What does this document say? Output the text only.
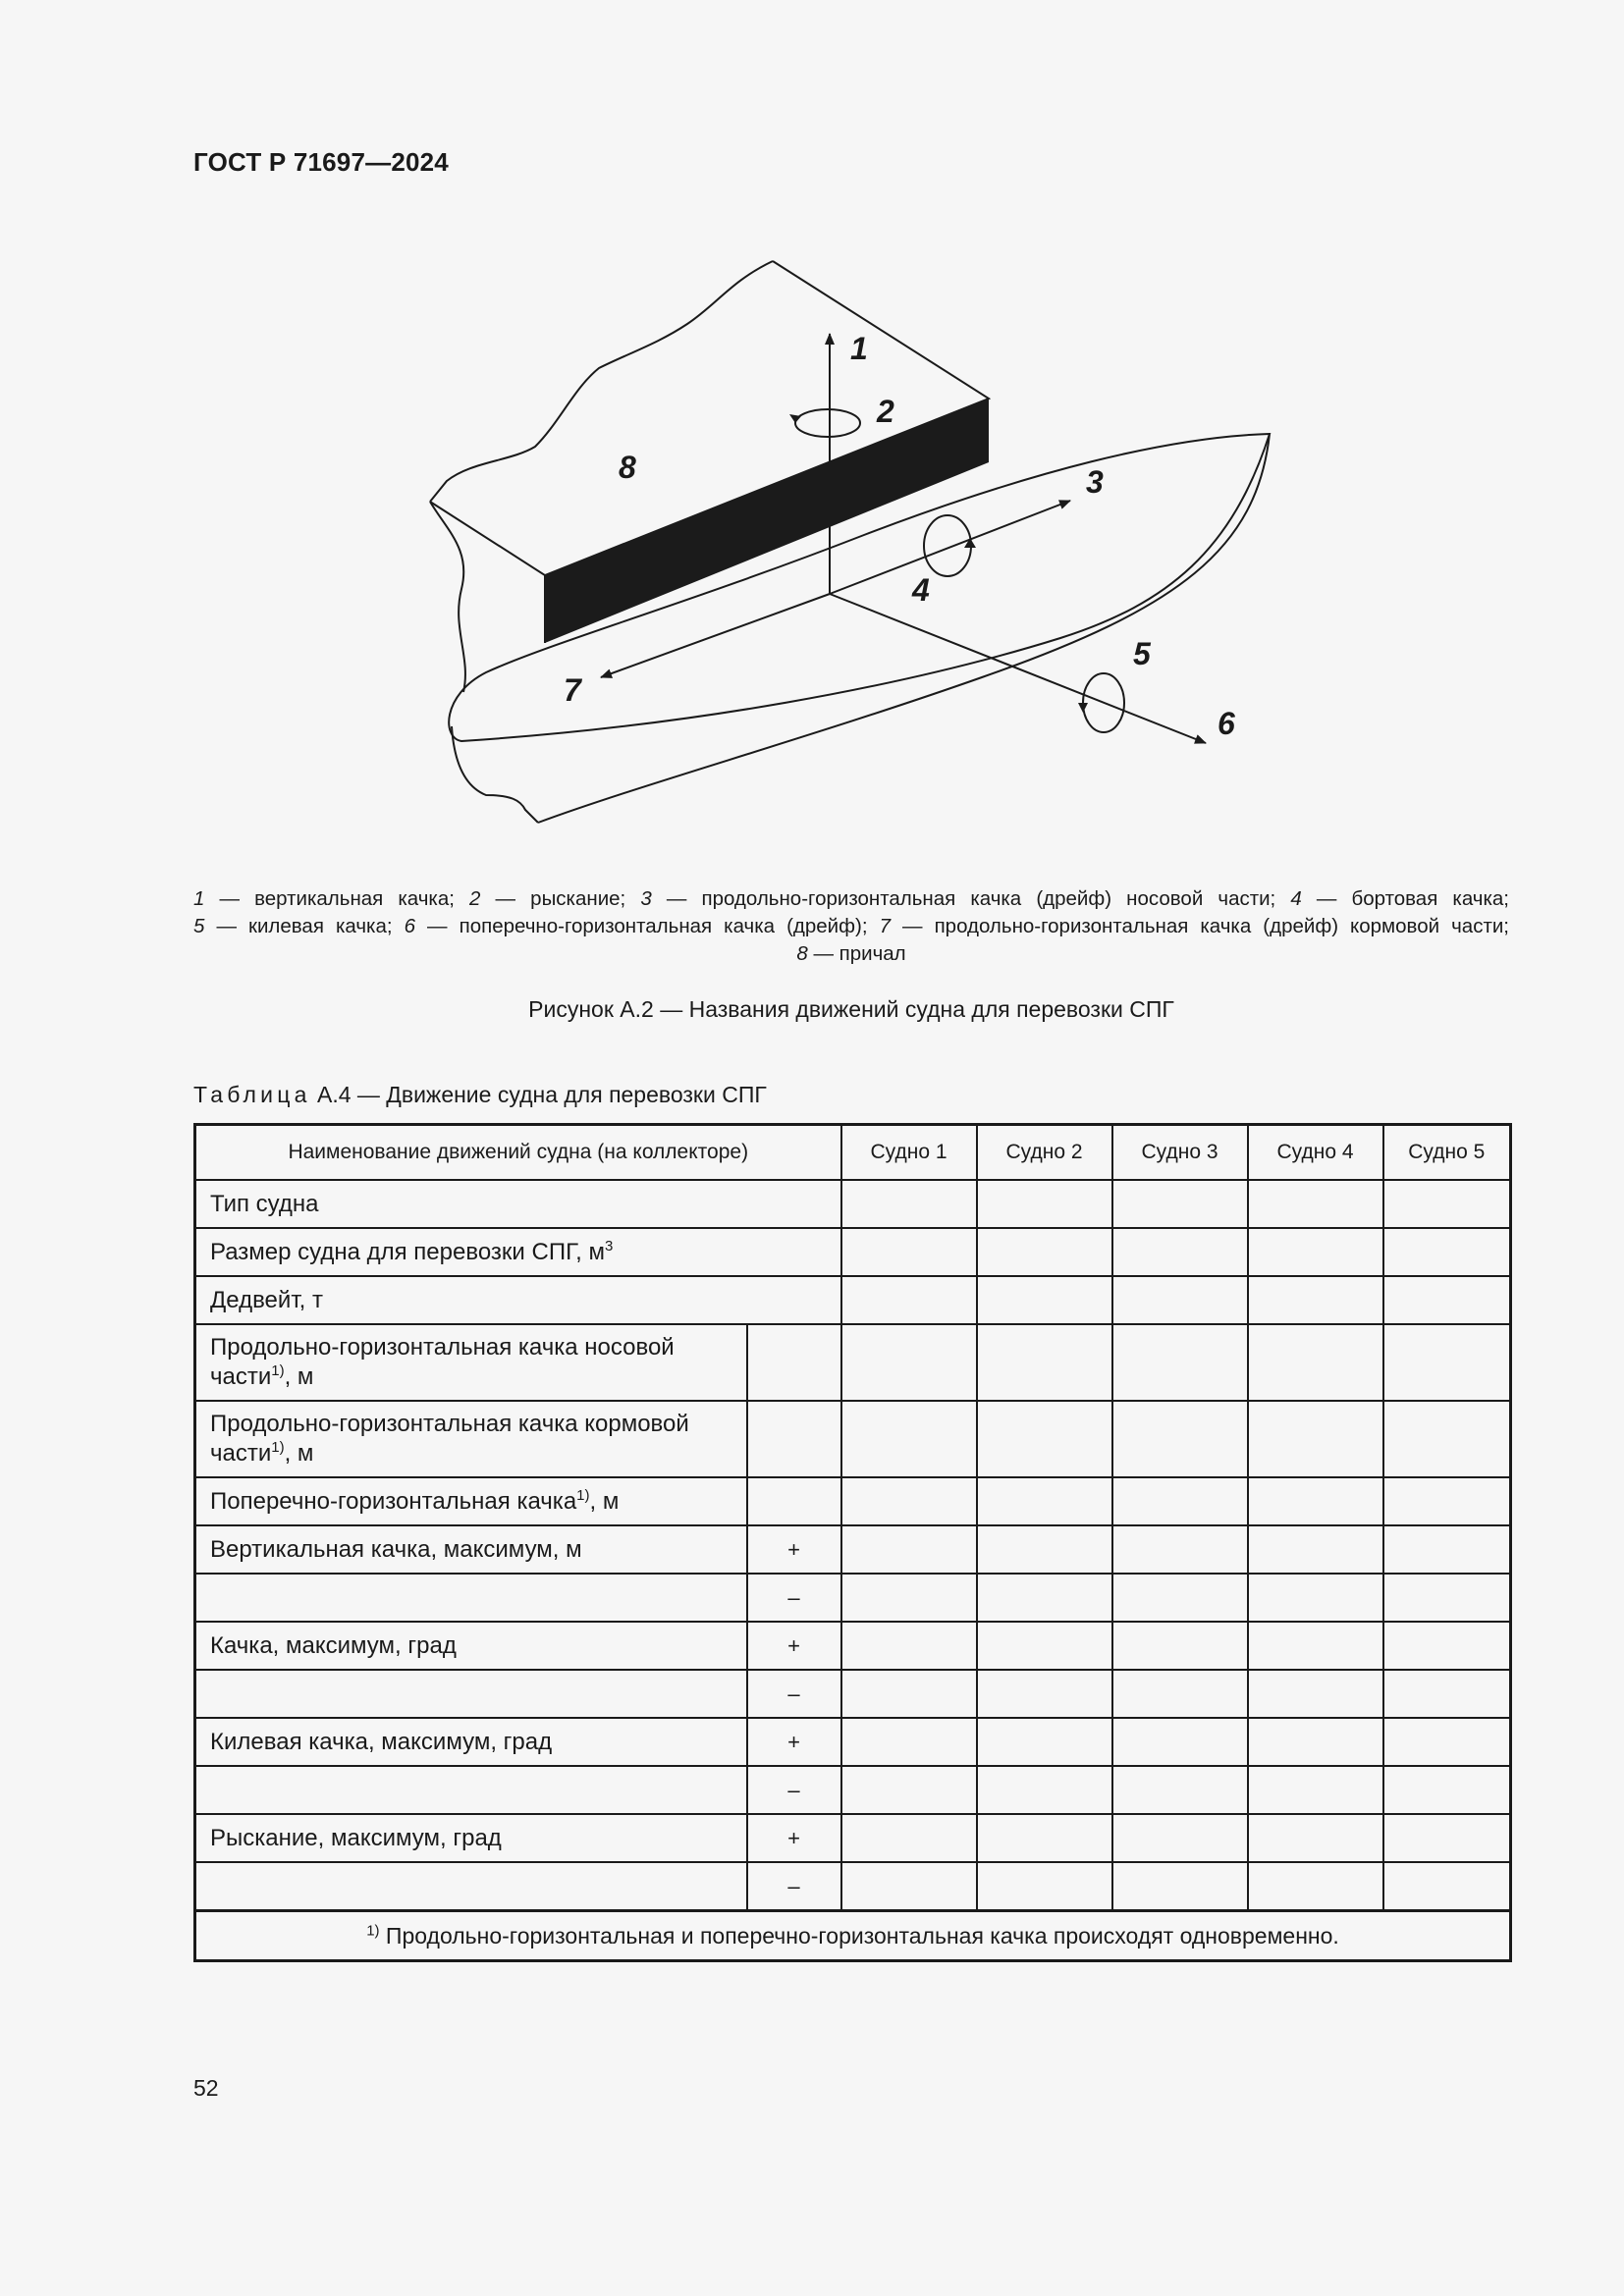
ГОСТ Р 71697—2024
1
2
3
4
5
6
7
8
1 — вертикальная качка; 2 — рыскание; 3 — продольно-горизонтальная качка (дрейф) носовой части; 4 — бортовая качка;
5 — килевая качка; 6 — поперечно-горизонтальная качка (дрейф); 7 — продольно-горизонтальная качка (дрейф) кормовой части;
8 — причал
Рисунок А.2 — Названия движений судна для перевозки СПГ
Таблица А.4 — Движение судна для перевозки СПГ
Наименование движений судна (на коллекторе)		Судно 1	Судно 2	Судно 3	Судно 4	Судно 5
Тип судна						
Размер судна для перевозки СПГ, $м^3$					
Дедвейт, т						
Продольно-горизонтальная качка носовой
части$^{1)}$, м						
Продольно-горизонтальная качка кормовой
части$^{1)}$, м						
Поперечно-горизонтальная качка$^{1)}$, м						
Вертикальная качка, максимум, м	+					
	–					
Качка, максимум, град	+					
	–					
Килевая качка, максимум, град	+					
	–					
Рыскание, максимум, град	+					
	–					
$^{1)}$ Продольно-горизонтальная и поперечно-горизонтальная качка происходят одновременно.						
52
